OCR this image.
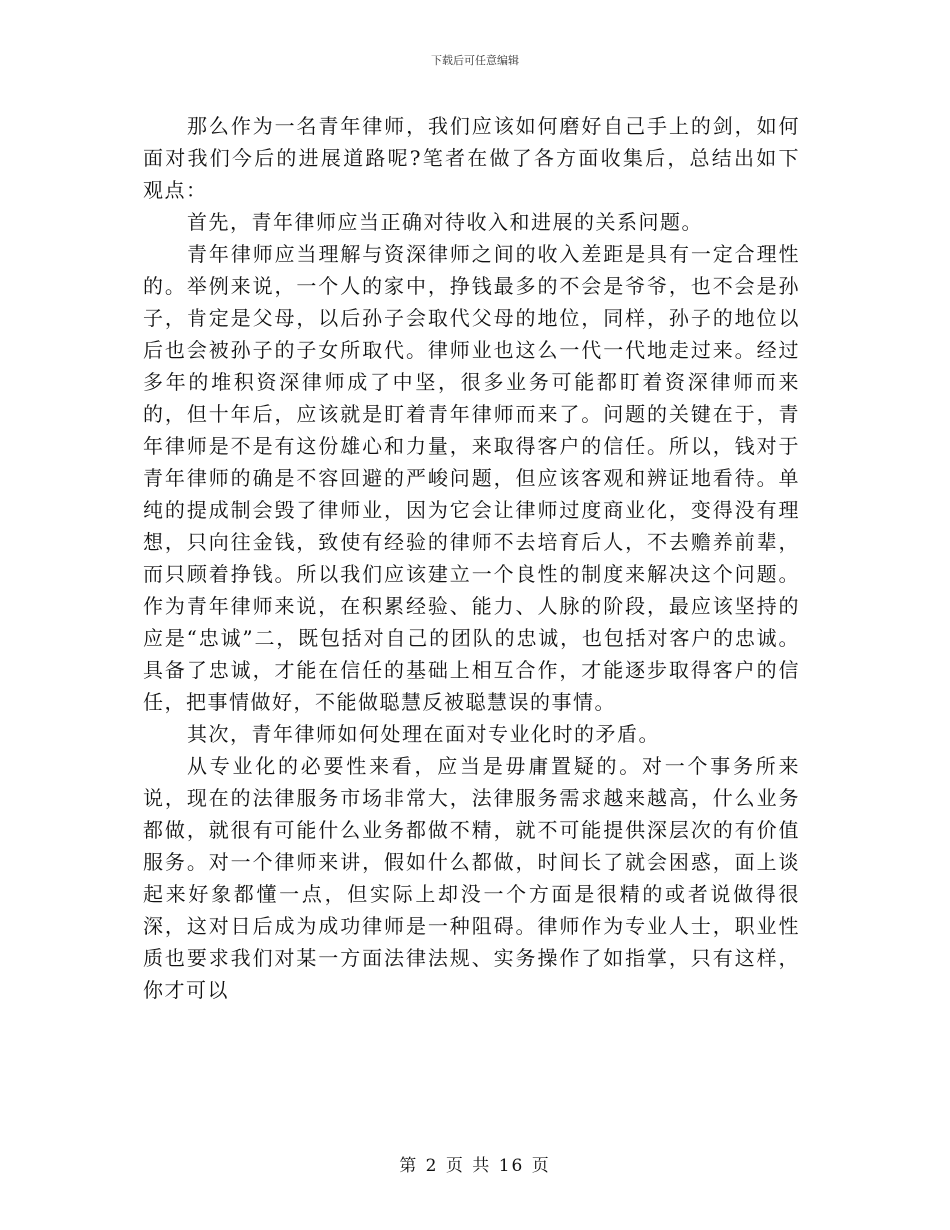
下载后可任意编辑

那么作为一名青年律师，我们应该如何磨好自己手上的剑，如何面对我们今后的进展道路呢?笔者在做了各方面收集后，总结出如下观点：

首先，青年律师应当正确对待收入和进展的关系问题。

青年律师应当理解与资深律师之间的收入差距是具有一定合理性的。举例来说，一个人的家中，挣钱最多的不会是爷爷，也不会是孙子，肯定是父母，以后孙子会取代父母的地位，同样，孙子的地位以后也会被孙子的子女所取代。律师业也这么一代一代地走过来。经过多年的堆积资深律师成了中坚，很多业务可能都盯着资深律师而来的，但十年后，应该就是盯着青年律师而来了。问题的关键在于，青年律师是不是有这份雄心和力量，来取得客户的信任。所以，钱对于青年律师的确是不容回避的严峻问题，但应该客观和辨证地看待。单纯的提成制会毁了律师业，因为它会让律师过度商业化，变得没有理想，只向往金钱，致使有经验的律师不去培育后人，不去赡养前辈，而只顾着挣钱。所以我们应该建立一个良性的制度来解决这个问题。作为青年律师来说，在积累经验、能力、人脉的阶段，最应该坚持的应是“忠诚”二，既包括对自己的团队的忠诚，也包括对客户的忠诚。具备了忠诚，才能在信任的基础上相互合作，才能逐步取得客户的信任，把事情做好，不能做聪慧反被聪慧误的事情。

其次，青年律师如何处理在面对专业化时的矛盾。

从专业化的必要性来看，应当是毋庸置疑的。对一个事务所来说，现在的法律服务市场非常大，法律服务需求越来越高，什么业务都做，就很有可能什么业务都做不精，就不可能提供深层次的有价值服务。对一个律师来讲，假如什么都做，时间长了就会困惑，面上谈起来好象都懂一点，但实际上却没一个方面是很精的或者说做得很深，这对日后成为成功律师是一种阻碍。律师作为专业人士，职业性质也要求我们对某一方面法律法规、实务操作了如指掌，只有这样，你才可以

第 2 页 共 16 页
